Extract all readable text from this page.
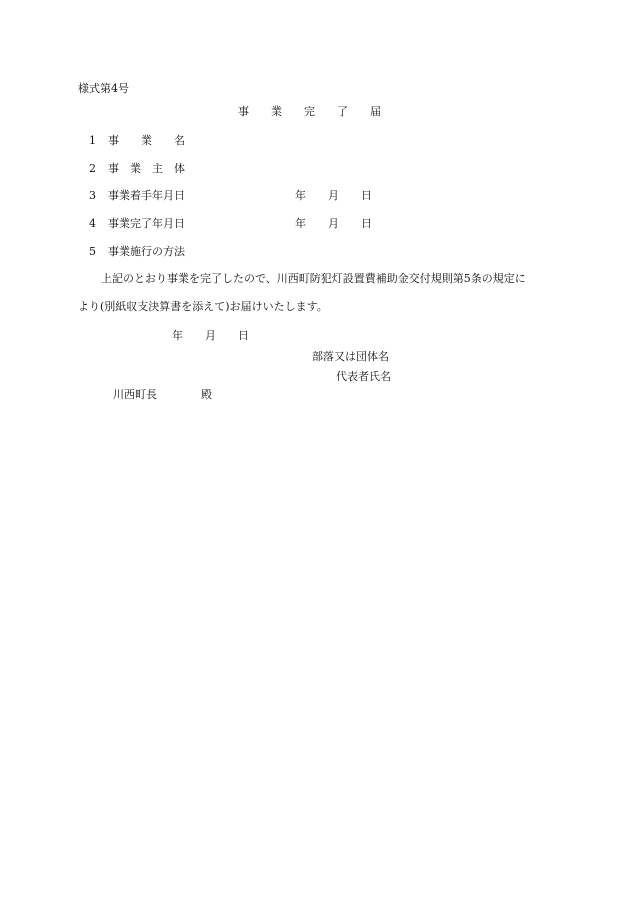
様式第4号
事　　業　　完　　了　　届
1 事　　業　　名
2 事　業　主　体
3 事業着手年月日	年　　月　　日
4 事業完了年月日	年　　月　　日
5 事業施行の方法
上記のとおり事業を完了したので、川西町防犯灯設置費補助金交付規則第5条の規定に
より(別紙収支決算書を添えて)お届けいたします。
年　　月　　日
部落又は団体名
代表者氏名
川西町長　　　　殿
